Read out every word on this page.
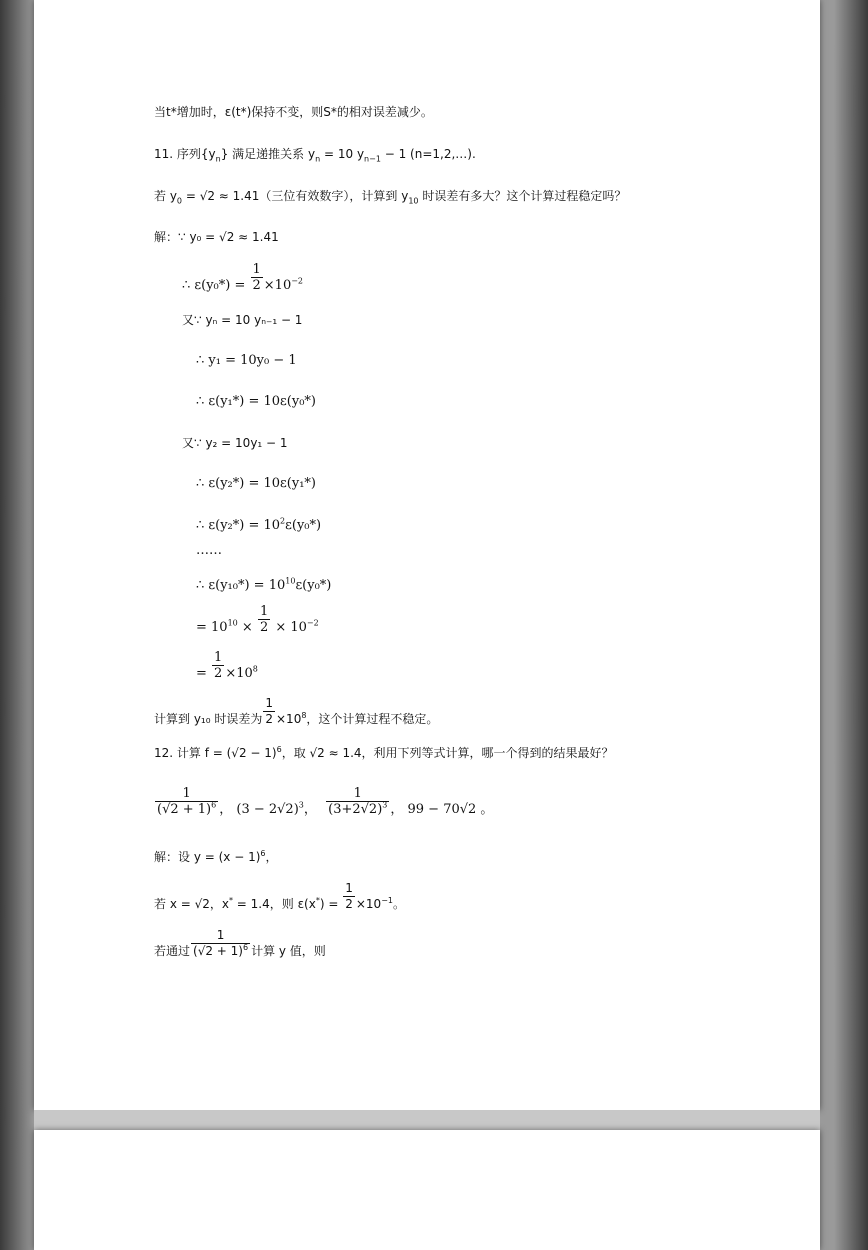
当t*增加时，ε(t*)保持不变，则S*的相对误差减少。
11. 序列$\{y_n\}$ 满足递推关系 $y_n = 10$ $y_{n-1} - 1$ (n=1,2,…).
若 $y_0 = √2 \approx 1.41$（三位有效数字），计算到 $y_{10}$ 时误差有多大？这个计算过程稳定吗？
解：∵ y₀ = √2 ≈ 1.41
∴ $\varepsilon(y_0*) = \frac{1}{2} \times 10^{-2}$
又∵ yₙ = 10 yₙ₋₁ − 1
∴ y₁ = 10y₀ − 1
∴ ε(y₁*) = 10ε(y₀*)
又∵ y₂ = 10y₁ − 1
∴ ε(y₂*) = 10ε(y₁*)
∴ $\varepsilon(y_2*) = 10^2\varepsilon(y_0*)$
……
∴ $\varepsilon(y_{10}*) = 10^{10}\varepsilon(y_0*)$
= $10^{10} \times \frac{1}{2} \times 10^{-2}$
= $\frac{1}{2} \times 10^8$
计算到 y₁₀ 时误差为 $\frac{1}{2} \times 10^8$，这个计算过程不稳定。
12. 计算 $f = (√2 - 1)^6$，取 √2 ≈ 1.4，利用下列等式计算，哪一个得到的结果最好？
$\frac{1}{(√2 + 1)^6}$ ， $(3 - 2√2)^3$， $\frac{1}{(3+2√2)^3}$ ， 99 − 70√2 。
解：设 $y = (x - 1)^6$，
若 x = √2，x* = 1.4，则 $\varepsilon(x^*) = \frac{1}{2} \times 10^{-1}$。
若通过 $\frac{1}{(√2 + 1)^6}$ 计算 y 值，则
